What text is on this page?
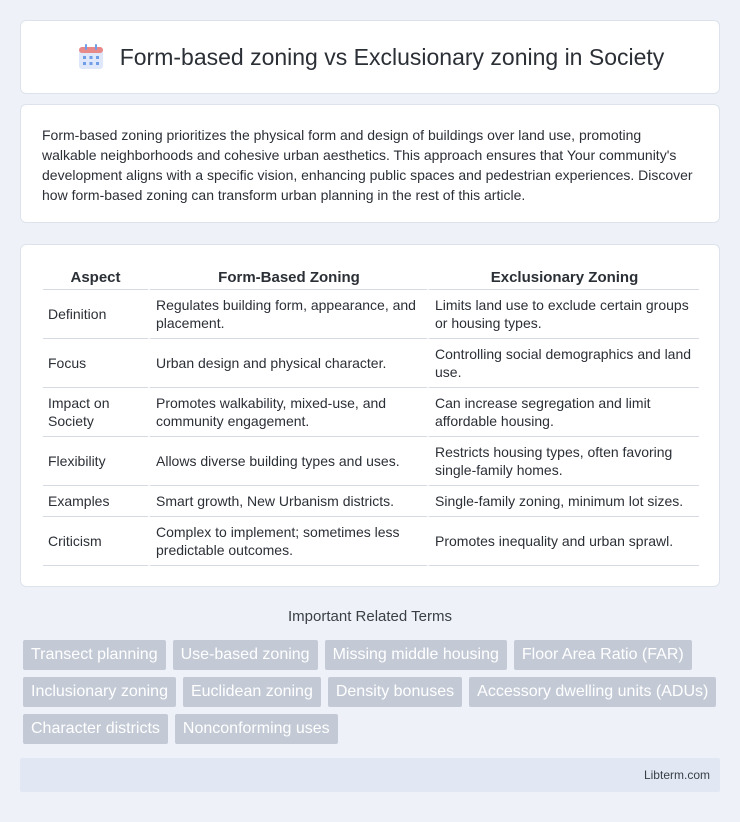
Form-based zoning vs Exclusionary zoning in Society

Form-based zoning prioritizes the physical form and design of buildings over land use, promoting walkable neighborhoods and cohesive urban aesthetics. This approach ensures that Your community's development aligns with a specific vision, enhancing public spaces and pedestrian experiences. Discover how form-based zoning can transform urban planning in the rest of this article.

Aspect	Form-Based Zoning	Exclusionary Zoning
Definition	Regulates building form, appearance, and placement.	Limits land use to exclude certain groups or housing types.
Focus	Urban design and physical character.	Controlling social demographics and land use.
Impact on Society	Promotes walkability, mixed-use, and community engagement.	Can increase segregation and limit affordable housing.
Flexibility	Allows diverse building types and uses.	Restricts housing types, often favoring single-family homes.
Examples	Smart growth, New Urbanism districts.	Single-family zoning, minimum lot sizes.
Criticism	Complex to implement; sometimes less predictable outcomes.	Promotes inequality and urban sprawl.
Important Related Terms
Transect planning	Use-based zoning	Missing middle housing	Floor Area Ratio (FAR)
Inclusionary zoning	Euclidean zoning	Density bonuses	Accessory dwelling units (ADUs)
Character districts	Nonconforming uses
Libterm.com
